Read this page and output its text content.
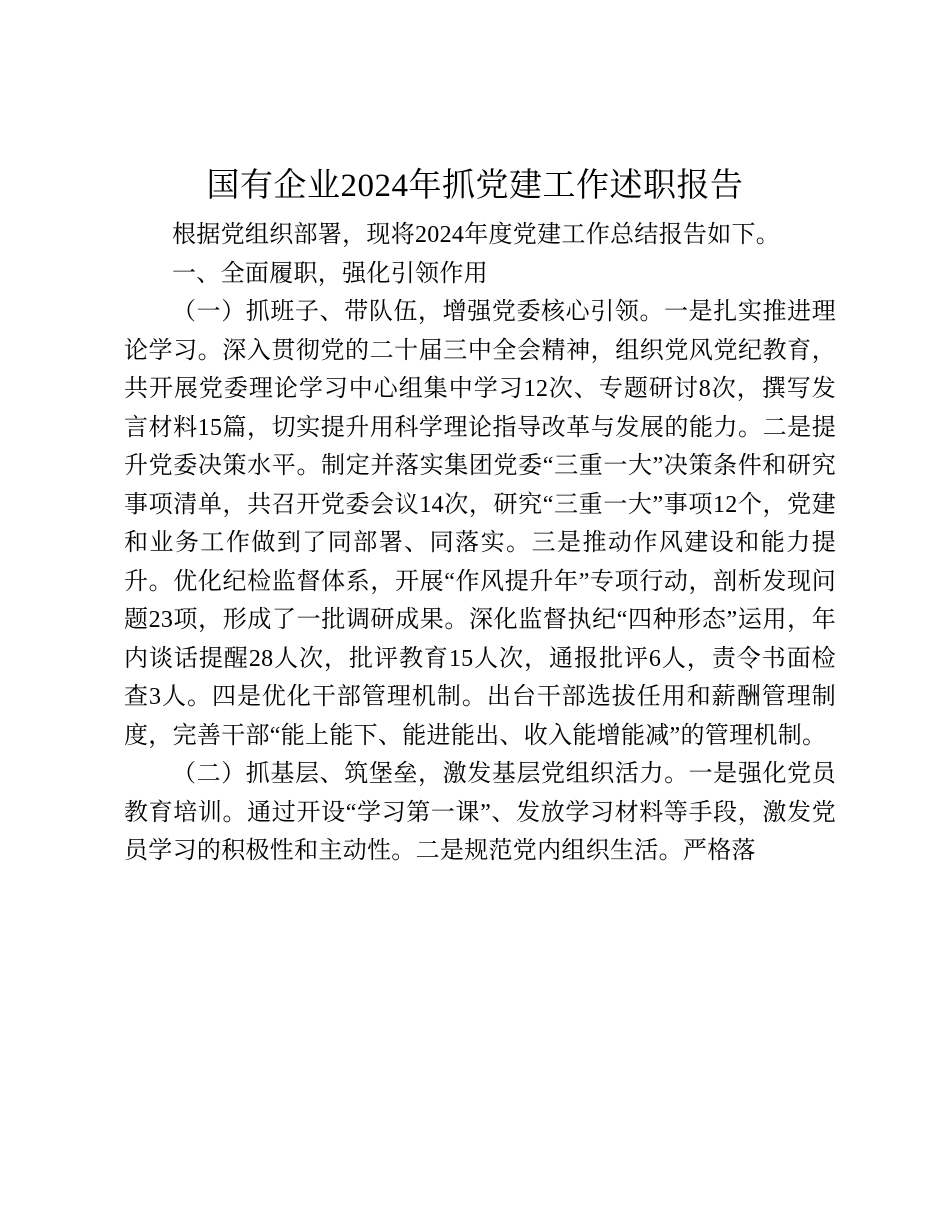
国有企业2024年抓党建工作述职报告

根据党组织部署，现将2024年度党建工作总结报告如下。

一、全面履职，强化引领作用

（一）抓班子、带队伍，增强党委核心引领。一是扎实推进理论学习。深入贯彻党的二十届三中全会精神，组织党风党纪教育，共开展党委理论学习中心组集中学习12次、专题研讨8次，撰写发言材料15篇，切实提升用科学理论指导改革与发展的能力。二是提升党委决策水平。制定并落实集团党委“三重一大”决策条件和研究事项清单，共召开党委会议14次，研究“三重一大”事项12个，党建和业务工作做到了同部署、同落实。三是推动作风建设和能力提升。优化纪检监督体系，开展“作风提升年”专项行动，剖析发现问题23项，形成了一批调研成果。深化监督执纪“四种形态”运用，年内谈话提醒28人次，批评教育15人次，通报批评6人，责令书面检查3人。四是优化干部管理机制。出台干部选拔任用和薪酬管理制度，完善干部“能上能下、能进能出、收入能增能减”的管理机制。

（二）抓基层、筑堡垒，激发基层党组织活力。一是强化党员教育培训。通过开设“学习第一课”、发放学习材料等手段，激发党员学习的积极性和主动性。二是规范党内组织生活。严格落
